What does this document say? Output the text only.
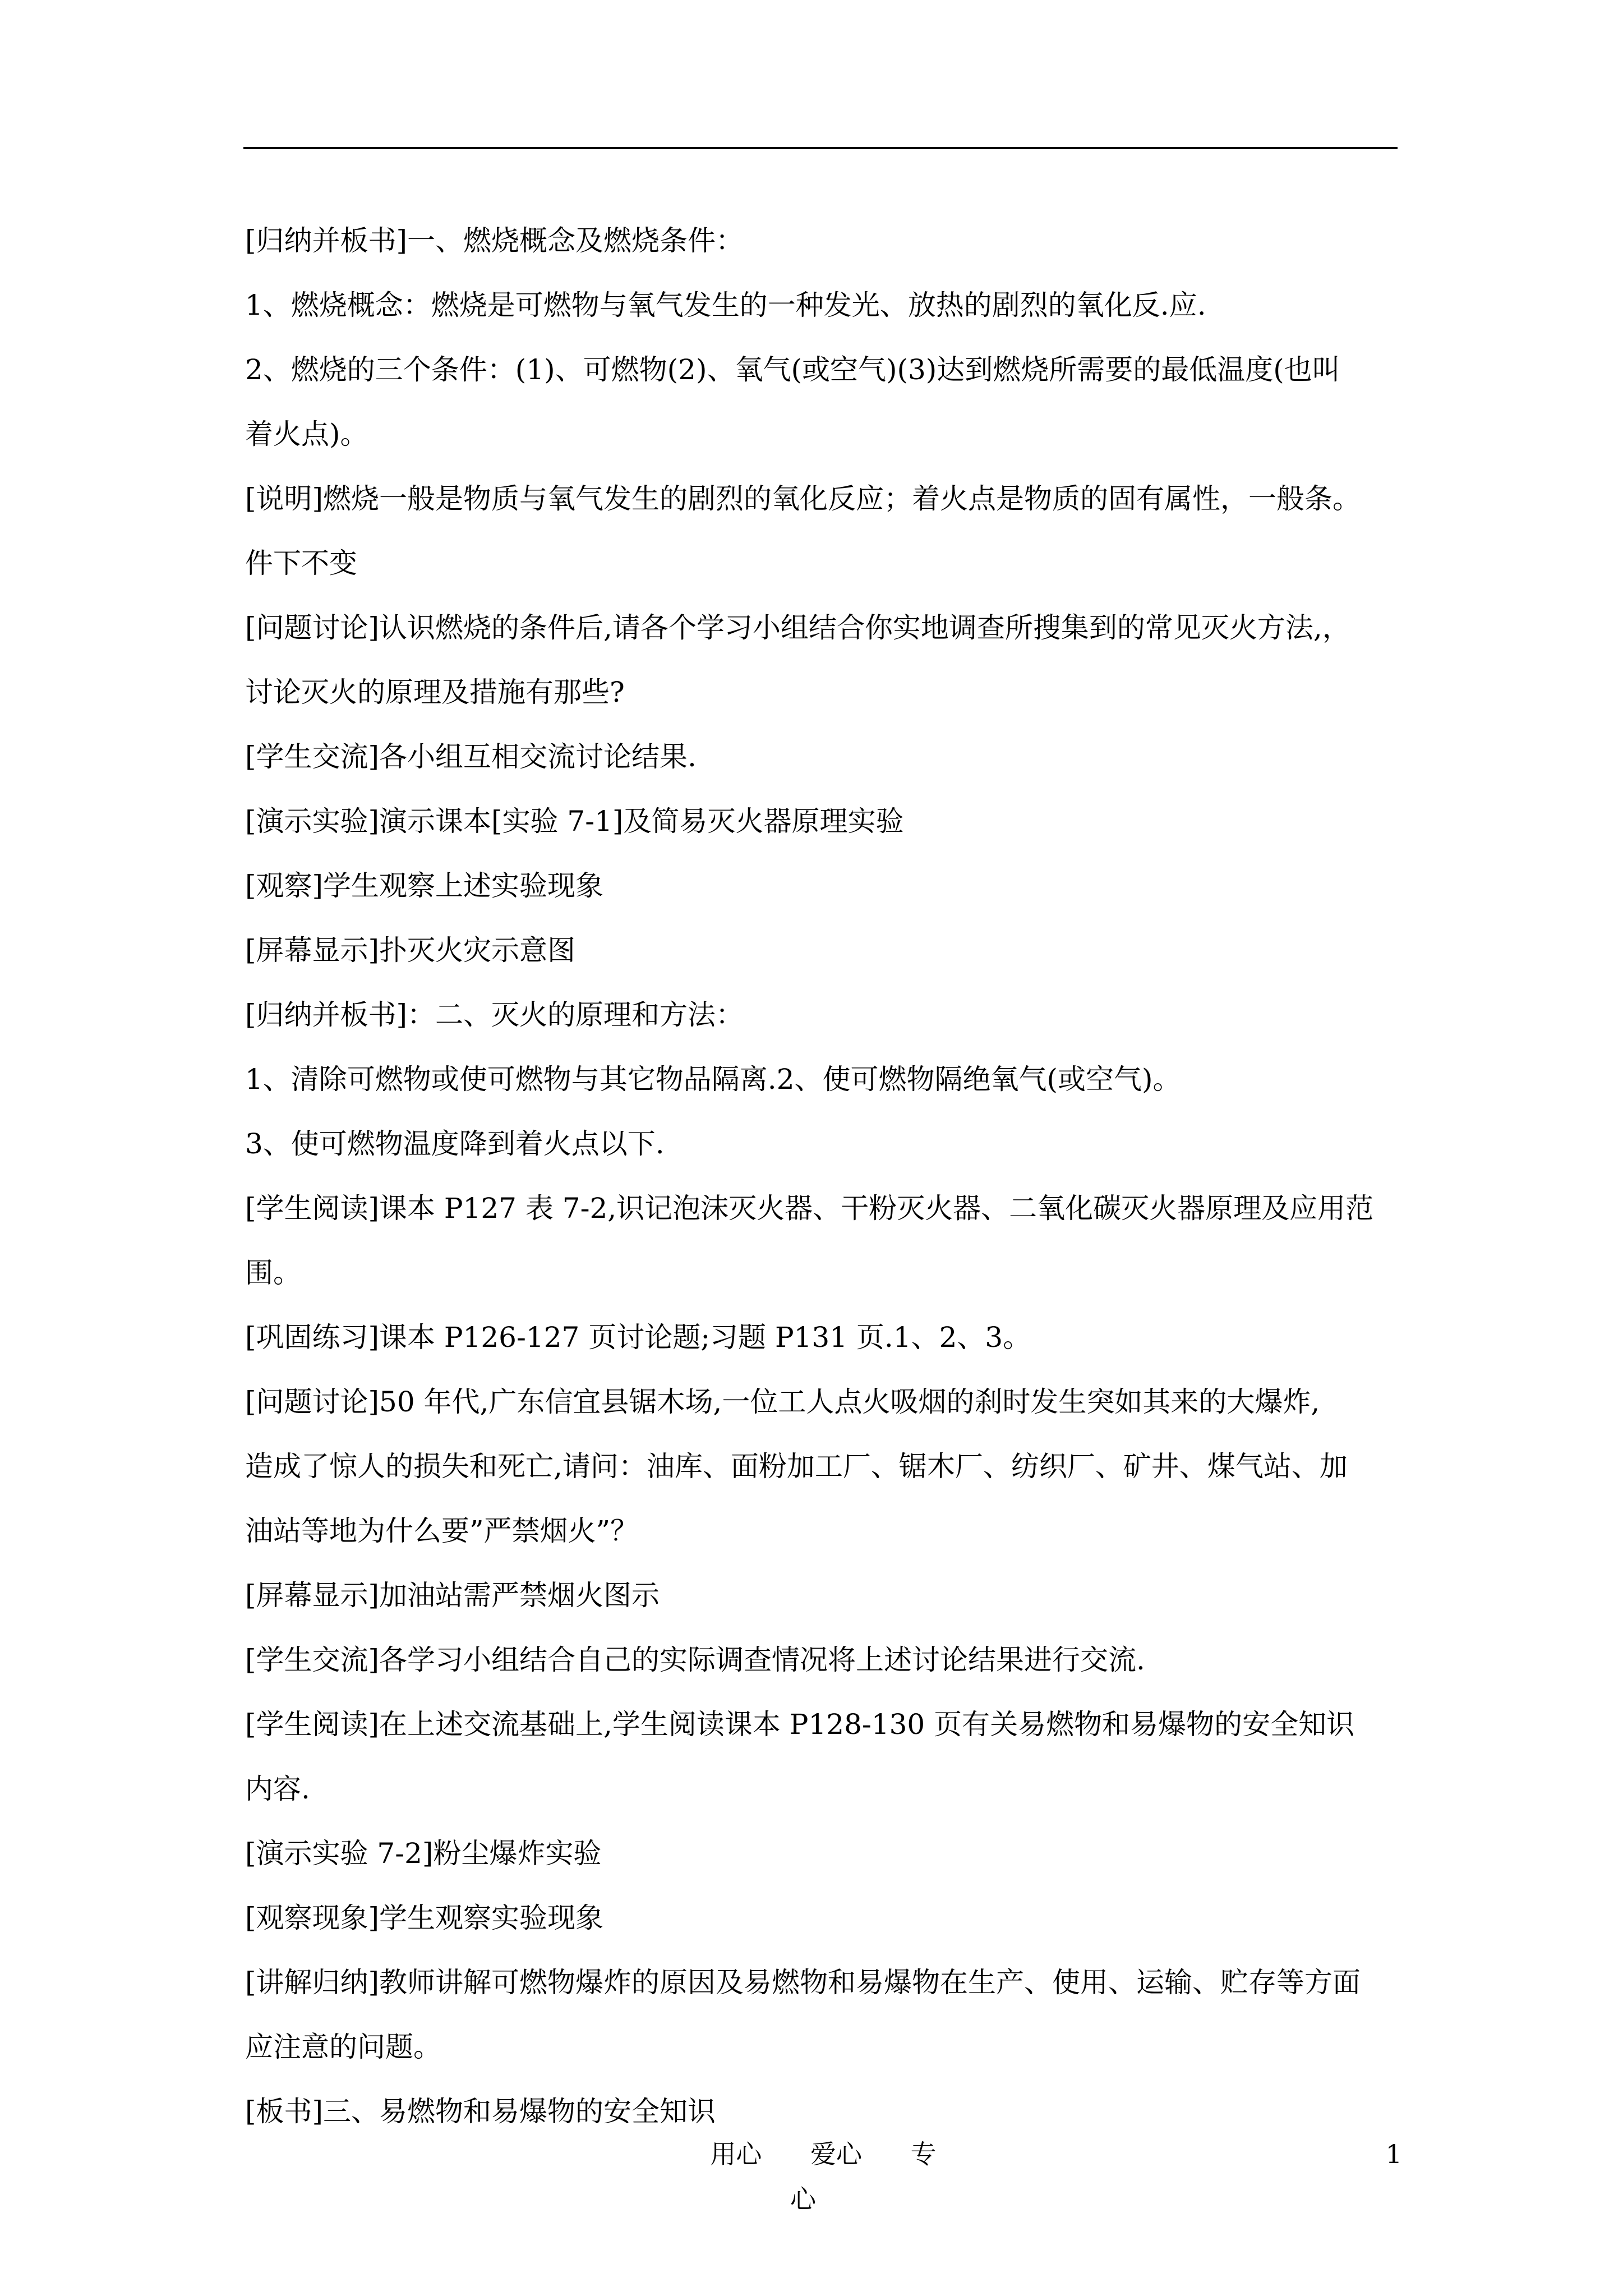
[归纳并板书]一、燃烧概念及燃烧条件：
1、燃烧概念：燃烧是可燃物与氧气发生的一种发光、放热的剧烈的氧化反.应.
2、燃烧的三个条件：(1)、可燃物(2)、氧气(或空气)(3)达到燃烧所需要的最低温度(也叫
着火点)。
[说明]燃烧一般是物质与氧气发生的剧烈的氧化反应；着火点是物质的固有属性，一般条。
件下不变
[问题讨论]认识燃烧的条件后,请各个学习小组结合你实地调查所搜集到的常见灭火方法,，
讨论灭火的原理及措施有那些?
[学生交流]各小组互相交流讨论结果.
[演示实验]演示课本[实验 7-1]及简易灭火器原理实验
[观察]学生观察上述实验现象
[屏幕显示]扑灭火灾示意图
[归纳并板书]：二、灭火的原理和方法：
1、清除可燃物或使可燃物与其它物品隔离.2、使可燃物隔绝氧气(或空气)。
3、使可燃物温度降到着火点以下.
[学生阅读]课本 P127 表 7-2,识记泡沫灭火器、干粉灭火器、二氧化碳灭火器原理及应用范
围。
[巩固练习]课本 P126-127 页讨论题;习题 P131 页.1、2、3。
[问题讨论]50 年代,广东信宜县锯木场,一位工人点火吸烟的刹时发生突如其来的大爆炸,
造成了惊人的损失和死亡,请问：油库、面粉加工厂、锯木厂、纺织厂、矿井、煤气站、加
油站等地为什么要”严禁烟火”？
[屏幕显示]加油站需严禁烟火图示
[学生交流]各学习小组结合自己的实际调查情况将上述讨论结果进行交流.
[学生阅读]在上述交流基础上,学生阅读课本 P128-130 页有关易燃物和易爆物的安全知识
内容.
[演示实验 7-2]粉尘爆炸实验
[观察现象]学生观察实验现象
[讲解归纳]教师讲解可燃物爆炸的原因及易燃物和易爆物在生产、使用、运输、贮存等方面
应注意的问题。
[板书]三、易燃物和易爆物的安全知识
用心 爱心 专心
1
